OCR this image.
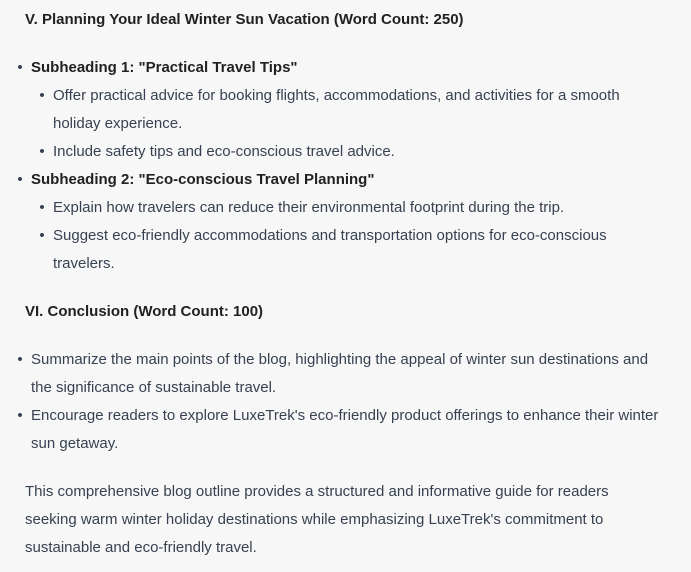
V. Planning Your Ideal Winter Sun Vacation (Word Count: 250)

• Subheading 1: "Practical Travel Tips"
• Offer practical advice for booking flights, accommodations, and activities for a smooth holiday experience.
• Include safety tips and eco-conscious travel advice.
• Subheading 2: "Eco-conscious Travel Planning"
• Explain how travelers can reduce their environmental footprint during the trip.
• Suggest eco-friendly accommodations and transportation options for eco-conscious travelers.

VI. Conclusion (Word Count: 100)

• Summarize the main points of the blog, highlighting the appeal of winter sun destinations and the significance of sustainable travel.
• Encourage readers to explore LuxeTrek's eco-friendly product offerings to enhance their winter sun getaway.

This comprehensive blog outline provides a structured and informative guide for readers seeking warm winter holiday destinations while emphasizing LuxeTrek's commitment to sustainable and eco-friendly travel.
